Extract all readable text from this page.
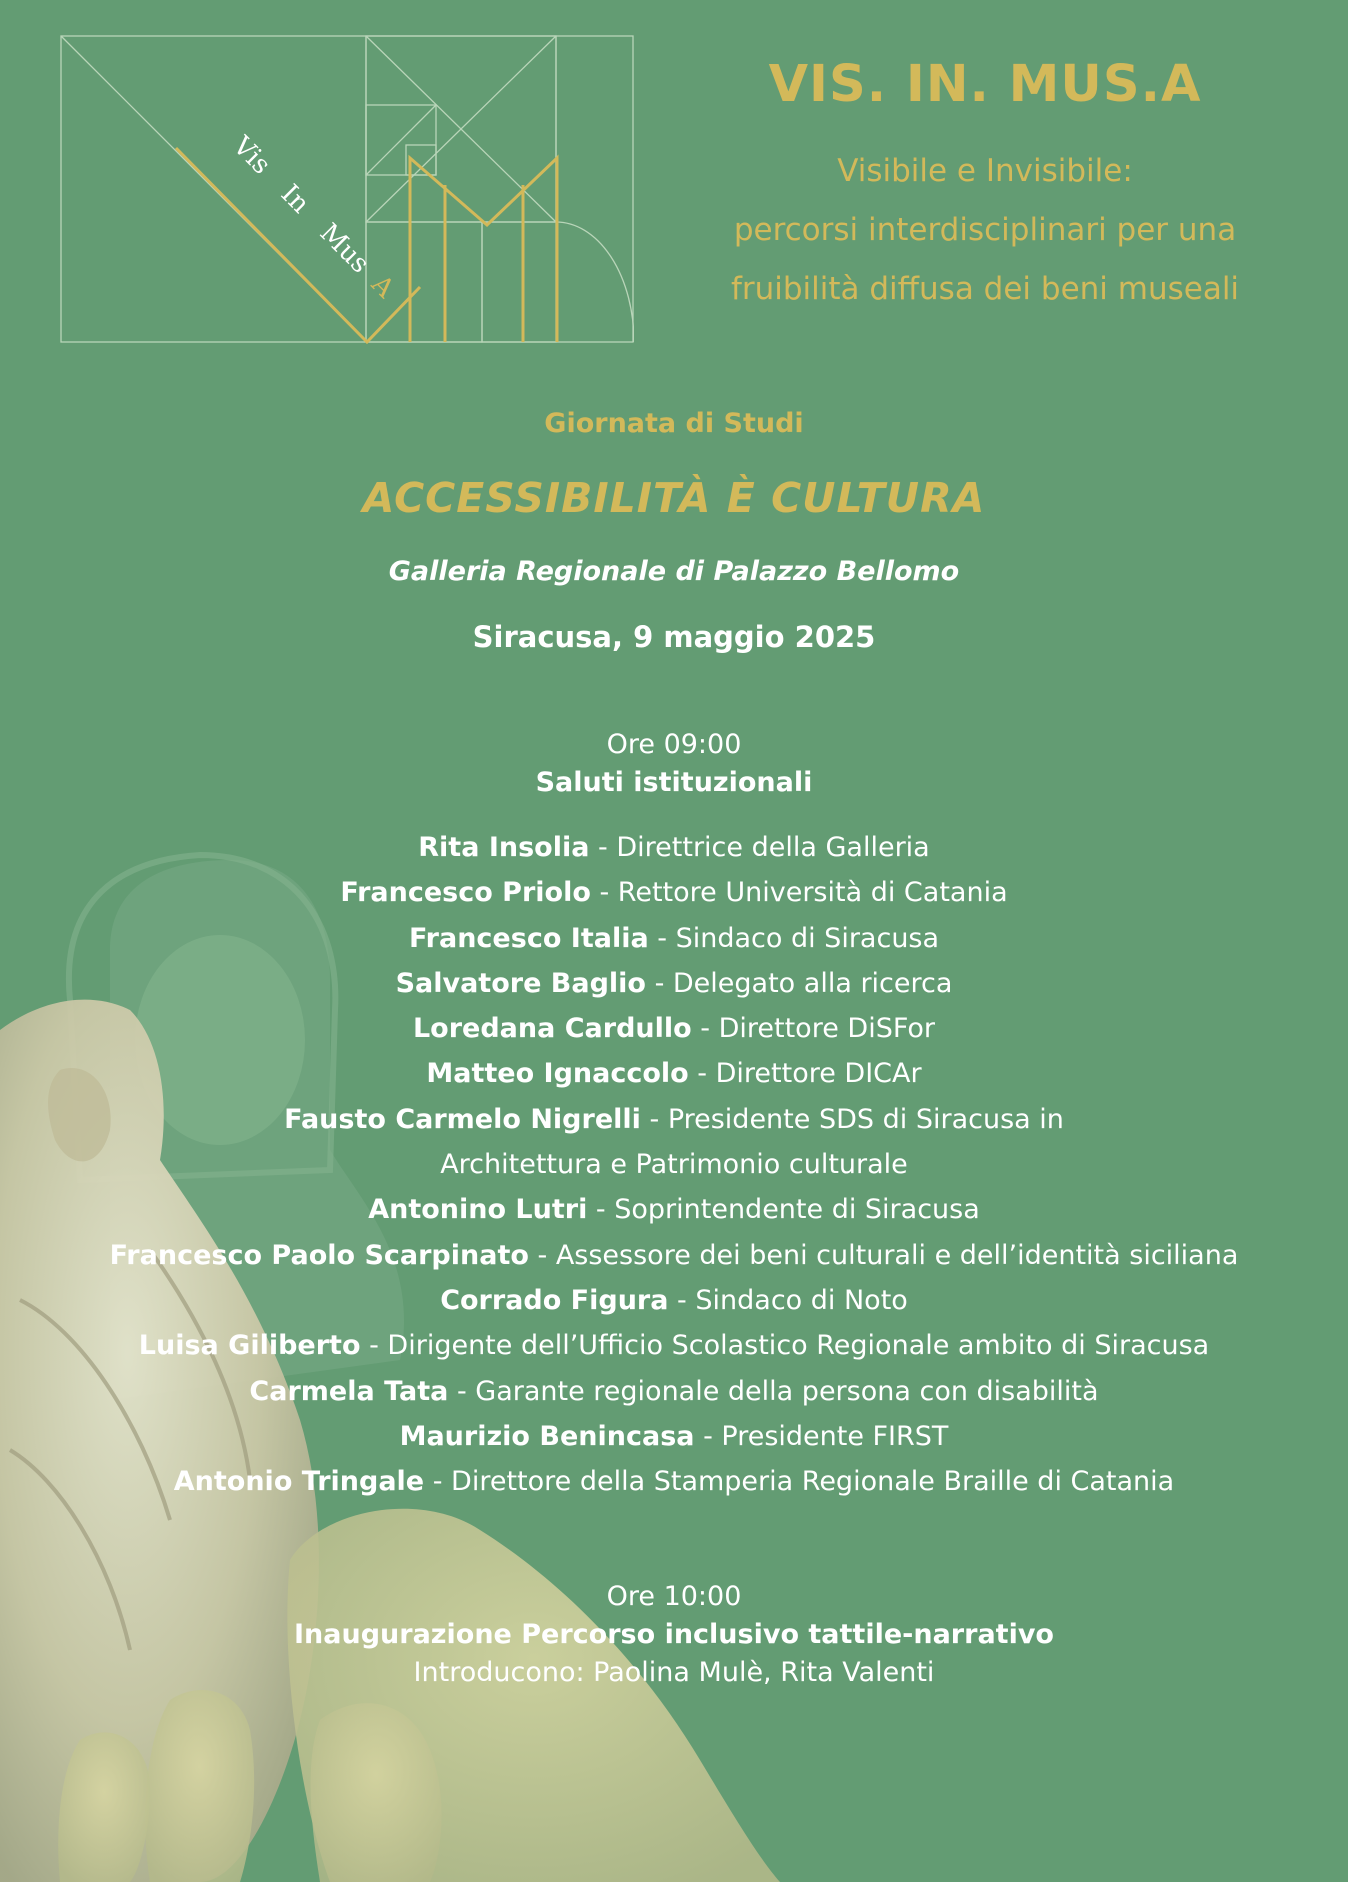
Vis
In
Mus
A
VIS. IN. MUS.A
Visibile e Invisibile:
percorsi interdisciplinari per una
fruibilità diffusa dei beni museali
Giornata di Studi
ACCESSIBILITÀ È CULTURA
Galleria Regionale di Palazzo Bellomo
Siracusa, 9 maggio 2025
Ore 09:00
Saluti istituzionali
Rita Insolia - Direttrice della Galleria
Francesco Priolo - Rettore Università di Catania
Francesco Italia - Sindaco di Siracusa
Salvatore Baglio - Delegato alla ricerca
Loredana Cardullo - Direttore DiSFor
Matteo Ignaccolo - Direttore DICAr
Fausto Carmelo Nigrelli - Presidente SDS di Siracusa in
Architettura e Patrimonio culturale
Antonino Lutri - Soprintendente di Siracusa
Francesco Paolo Scarpinato - Assessore dei beni culturali e dell’identità siciliana
Corrado Figura - Sindaco di Noto
Luisa Giliberto - Dirigente dell’Ufficio Scolastico Regionale ambito di Siracusa
Carmela Tata - Garante regionale della persona con disabilità
Maurizio Benincasa - Presidente FIRST
Antonio Tringale - Direttore della Stamperia Regionale Braille di Catania
Ore 10:00
Inaugurazione Percorso inclusivo tattile-narrativo
Introducono: Paolina Mulè, Rita Valenti
